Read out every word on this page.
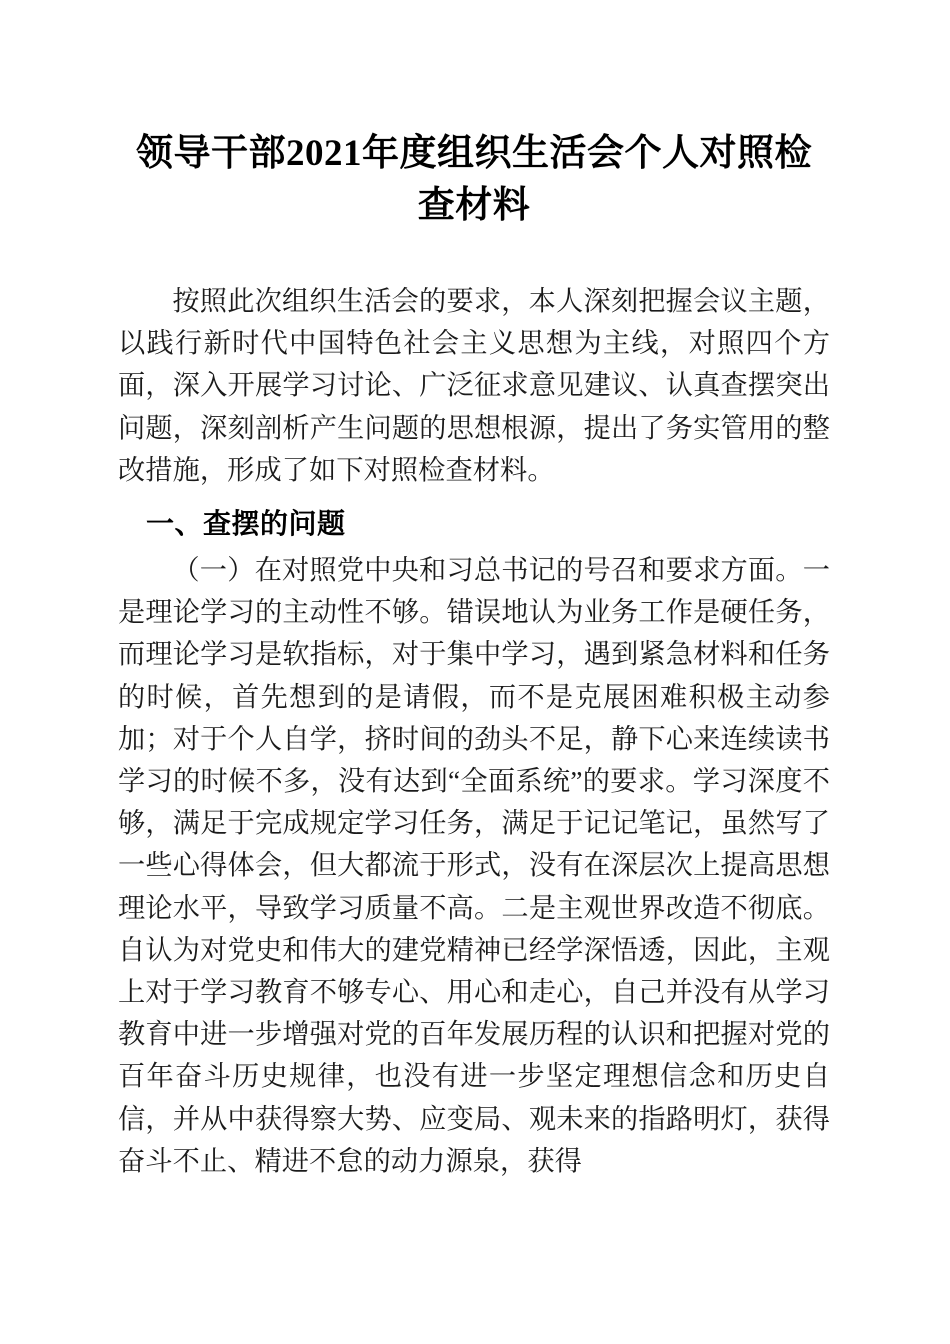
领导干部2021年度组织生活会个人对照检查材料

按照此次组织生活会的要求，本人深刻把握会议主题，以践行新时代中国特色社会主义思想为主线，对照四个方面，深入开展学习讨论、广泛征求意见建议、认真查摆突出问题，深刻剖析产生问题的思想根源，提出了务实管用的整改措施，形成了如下对照检查材料。

一、查摆的问题

（一）在对照党中央和习总书记的号召和要求方面。一是理论学习的主动性不够。错误地认为业务工作是硬任务，而理论学习是软指标，对于集中学习，遇到紧急材料和任务的时候，首先想到的是请假，而不是克展困难积极主动参加；对于个人自学，挤时间的劲头不足，静下心来连续读书学习的时候不多，没有达到“全面系统”的要求。学习深度不够，满足于完成规定学习任务，满足于记记笔记，虽然写了一些心得体会，但大都流于形式，没有在深层次上提高思想理论水平，导致学习质量不高。二是主观世界改造不彻底。自认为对党史和伟大的建党精神已经学深悟透，因此，主观上对于学习教育不够专心、用心和走心，自己并没有从学习教育中进一步增强对党的百年发展历程的认识和把握对党的百年奋斗历史规律，也没有进一步坚定理想信念和历史自信，并从中获得察大势、应变局、观未来的指路明灯，获得奋斗不止、精进不怠的动力源泉，获得
